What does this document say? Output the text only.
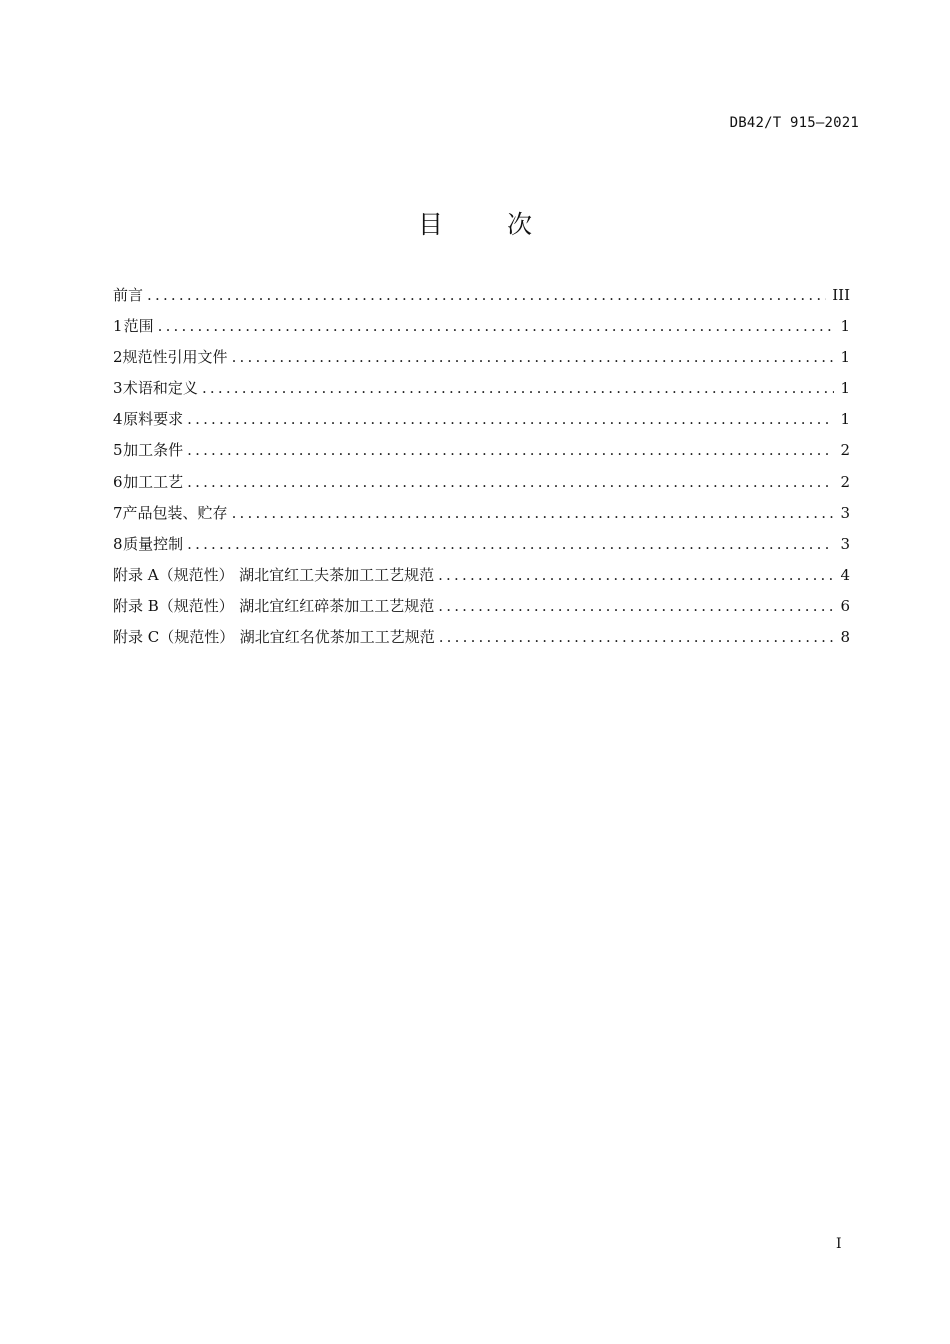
DB42/T 915—2021
目 次
前言 .....	III
1 范围 .....	1
2 规范性引用文件 .....	1
3 术语和定义 .....	1
4 原料要求 .....	1
5 加工条件 .....	2
6 加工工艺 .....	2
7 产品包装、贮存 .....	3
8 质量控制 .....	3
附录 A（规范性） 湖北宜红工夫茶加工工艺规范 .....	4
附录 B（规范性） 湖北宜红红碎茶加工工艺规范 .....	6
附录 C（规范性） 湖北宜红名优茶加工工艺规范 .....	8
I
